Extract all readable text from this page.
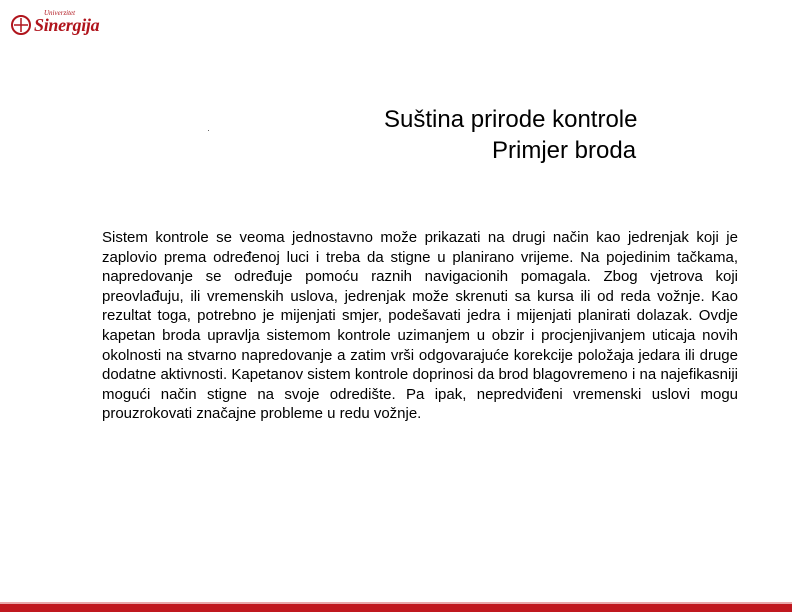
Univerzitet
Sinergija
Suština prirode kontrole
Primjer broda
Sistem kontrole se veoma jednostavno može prikazati na drugi način kao jedrenjak koji je zaplovio prema određenoj luci i treba da stigne u planirano vrijeme. Na pojedinim tačkama, napredovanje se određuje pomoću raznih navigacionih pomagala. Zbog vjetrova koji preovlađuju, ili vremenskih uslova, jedrenjak može skrenuti sa kursa ili od reda vožnje. Kao rezultat toga, potrebno je mijenjati smjer, podešavati jedra i mijenjati planirati dolazak. Ovdje kapetan broda upravlja sistemom kontrole uzimanjem u obzir i procjenjivanjem uticaja novih okolnosti na stvarno napredovanje a zatim vrši odgovarajuće korekcije položaja jedara ili druge dodatne aktivnosti. Kapetanov sistem kontrole doprinosi da brod blagovremeno i na najefikasniji mogući način stigne na svoje odredište. Pa ipak, nepredviđeni vremenski uslovi mogu prouzrokovati značajne probleme u redu vožnje.
